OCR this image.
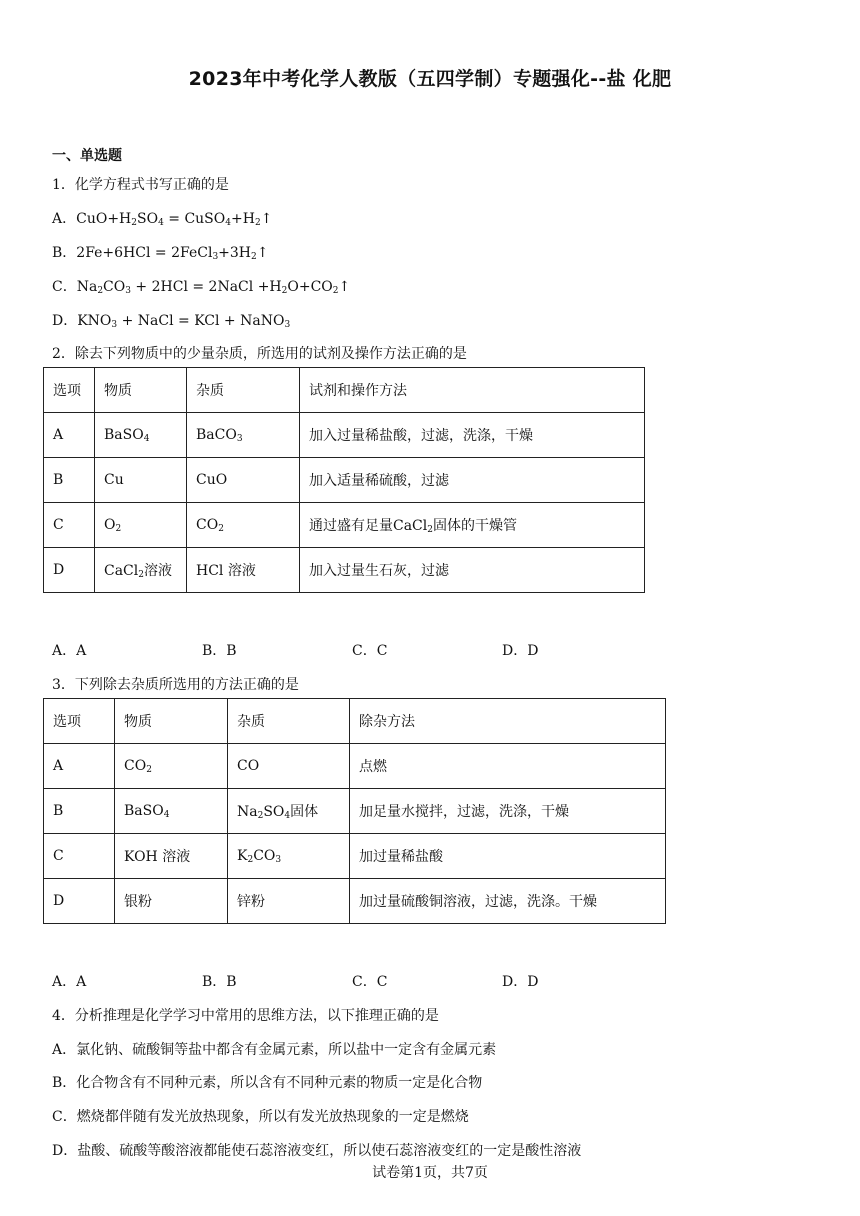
2023年中考化学人教版（五四学制）专题强化--盐 化肥
一、单选题
1．化学方程式书写正确的是
A．$CuO+H_2SO_4$ = $CuSO_4+H_2↑$
B．$2Fe+6HCl = 2FeCl_3+3H_2↑$
C．$Na_2CO_3 + 2HCl$ = 2NaCl $+H_2O+CO_2↑$
D．$KNO_3$ + NaCl = KCl + NaNO$_3$
2．除去下列物质中的少量杂质，所选用的试剂及操作方法正确的是
选项	物质	杂质	试剂和操作方法
A	BaSO$_4$	BaCO$_3$	加入过量稀盐酸，过滤，洗涤，干燥
B	Cu	CuO	加入适量稀硫酸，过滤
C	$O_2$	$CO_2$	通过盛有足量CaCl$_2$固体的干燥管
D	CaCl$_2$溶液	HCl 溶液	加入过量生石灰，过滤
A．A	B．B	C．C	D．D
3．下列除去杂质所选用的方法正确的是
选项	物质	杂质	除杂方法
A	$CO_2$	CO	点燃
B	BaSO$_4$	$Na_2SO_4$固体	加足量水搅拌，过滤，洗涤，干燥
C	KOH 溶液	$K_2CO_3$	加过量稀盐酸
D	银粉	锌粉	加过量硫酸铜溶液，过滤，洗涤。干燥
A．A	B．B	C．C	D．D
4．分析推理是化学学习中常用的思维方法，以下推理正确的是
A．氯化钠、硫酸铜等盐中都含有金属元素，所以盐中一定含有金属元素
B．化合物含有不同种元素，所以含有不同种元素的物质一定是化合物
C．燃烧都伴随有发光放热现象，所以有发光放热现象的一定是燃烧
D．盐酸、硫酸等酸溶液都能使石蕊溶液变红，所以使石蕊溶液变红的一定是酸性溶液
试卷第1页，共7页
